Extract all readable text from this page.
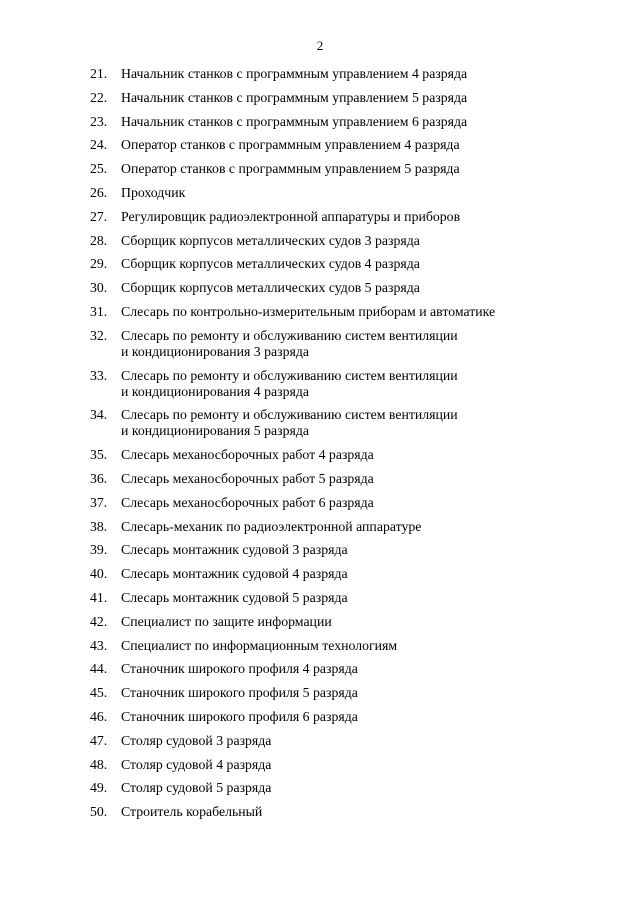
2
21. Начальник станков с программным управлением 4 разряда
22. Начальник станков с программным управлением 5 разряда
23. Начальник станков с программным управлением 6 разряда
24. Оператор станков с программным управлением 4 разряда
25. Оператор станков с программным управлением 5 разряда
26. Проходчик
27. Регулировщик радиоэлектронной аппаратуры и приборов
28. Сборщик корпусов металлических судов 3 разряда
29. Сборщик корпусов металлических судов 4 разряда
30. Сборщик корпусов металлических судов 5 разряда
31. Слесарь по контрольно-измерительным приборам и автоматике
32. Слесарь по ремонту и обслуживанию систем вентиляции
и кондиционирования 3 разряда
33. Слесарь по ремонту и обслуживанию систем вентиляции
и кондиционирования 4 разряда
34. Слесарь по ремонту и обслуживанию систем вентиляции
и кондиционирования 5 разряда
35. Слесарь механосборочных работ 4 разряда
36. Слесарь механосборочных работ 5 разряда
37. Слесарь механосборочных работ 6 разряда
38. Слесарь-механик по радиоэлектронной аппаратуре
39. Слесарь монтажник судовой 3 разряда
40. Слесарь монтажник судовой 4 разряда
41. Слесарь монтажник судовой 5 разряда
42. Специалист по защите информации
43. Специалист по информационным технологиям
44. Станочник широкого профиля 4 разряда
45. Станочник широкого профиля 5 разряда
46. Станочник широкого профиля 6 разряда
47. Столяр судовой 3 разряда
48. Столяр судовой 4 разряда
49. Столяр судовой 5 разряда
50. Строитель корабельный
